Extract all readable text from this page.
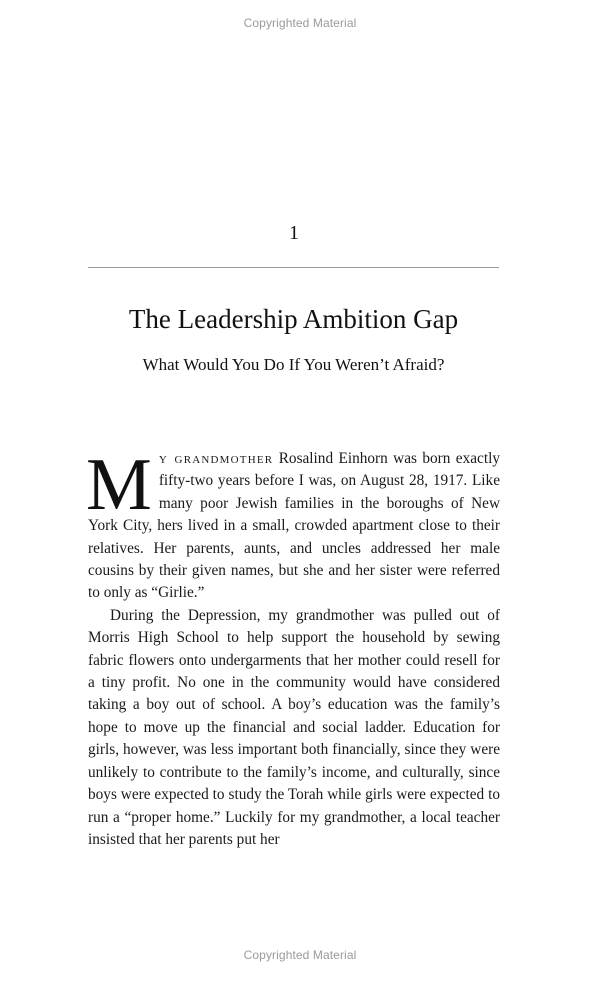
Copyrighted Material
1
The Leadership Ambition Gap
What Would You Do If You Weren’t Afraid?

M y grandmother Rosalind Einhorn was born exactly fifty-two years before I was, on August 28, 1917. Like many poor Jewish families in the boroughs of New York City, hers lived in a small, crowded apartment close to their relatives. Her parents, aunts, and uncles addressed her male cousins by their given names, but she and her sister were referred to only as “Girlie.”

During the Depression, my grandmother was pulled out of Morris High School to help support the household by sewing fabric flowers onto undergarments that her mother could resell for a tiny profit. No one in the community would have considered taking a boy out of school. A boy’s education was the family’s hope to move up the financial and social ladder. Education for girls, however, was less important both financially, since they were unlikely to contribute to the family’s income, and culturally, since boys were expected to study the Torah while girls were expected to run a “proper home.” Luckily for my grandmother, a local teacher insisted that her parents put her

Copyrighted Material
